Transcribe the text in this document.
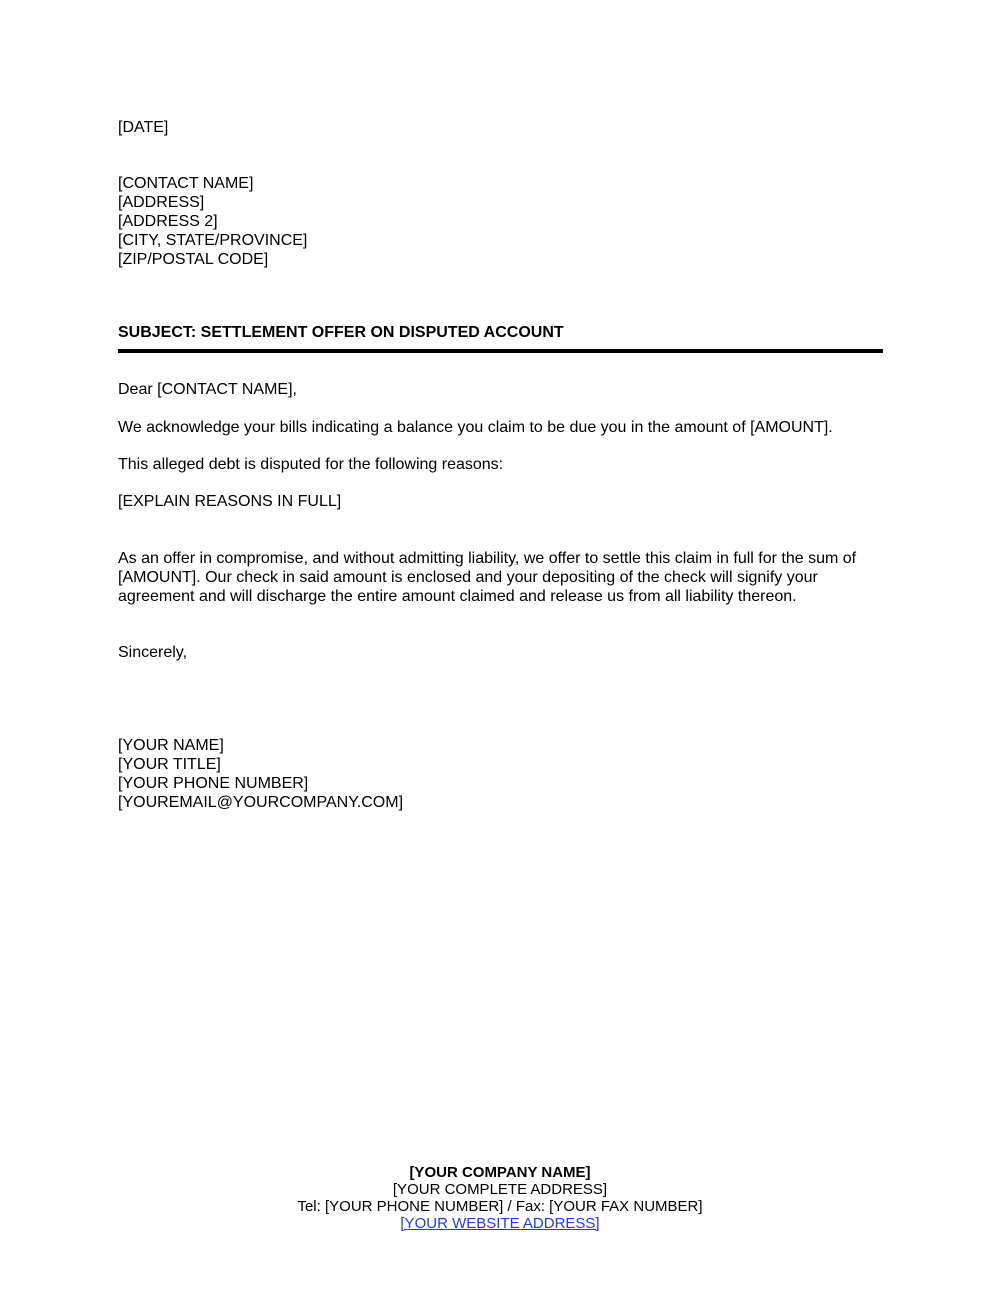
[DATE]
[CONTACT NAME]
[ADDRESS]
[ADDRESS 2]
[CITY, STATE/PROVINCE]
[ZIP/POSTAL CODE]
SUBJECT: SETTLEMENT OFFER ON DISPUTED ACCOUNT
Dear [CONTACT NAME],
We acknowledge your bills indicating a balance you claim to be due you in the amount of [AMOUNT].
This alleged debt is disputed for the following reasons:
[EXPLAIN REASONS IN FULL]
As an offer in compromise, and without admitting liability, we offer to settle this claim in full for the sum of
[AMOUNT]. Our check in said amount is enclosed and your depositing of the check will signify your
agreement and will discharge the entire amount claimed and release us from all liability thereon.
Sincerely,
[YOUR NAME]
[YOUR TITLE]
[YOUR PHONE NUMBER]
[YOUREMAIL@YOURCOMPANY.COM]
[YOUR COMPANY NAME]
[YOUR COMPLETE ADDRESS]
Tel: [YOUR PHONE NUMBER] / Fax: [YOUR FAX NUMBER]
[YOUR WEBSITE ADDRESS]
